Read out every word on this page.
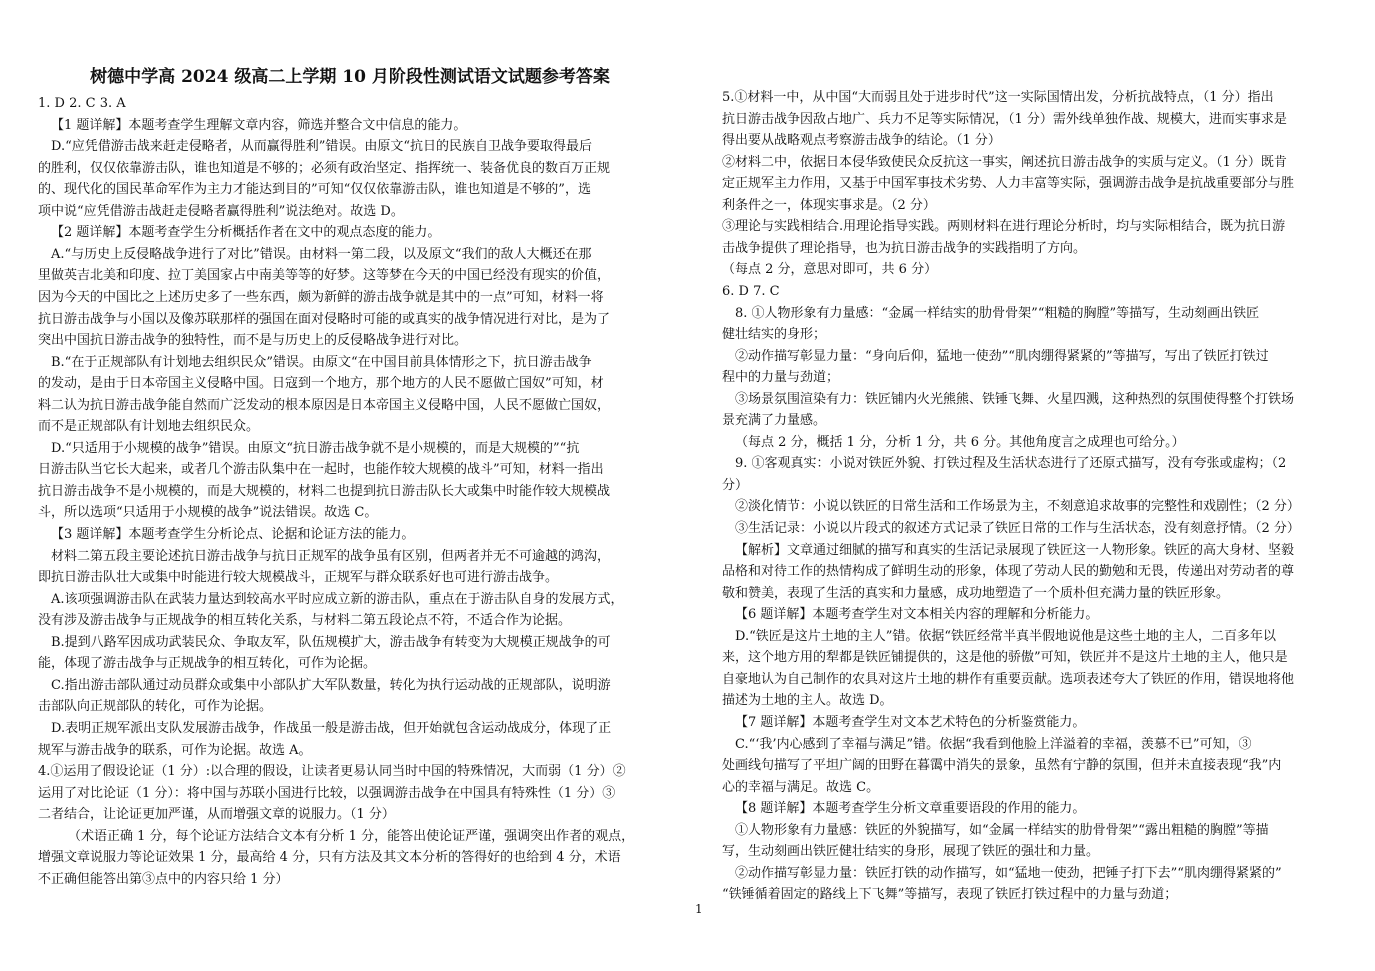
树德中学高 2024 级高二上学期 10 月阶段性测试语文试题参考答案
1. D 2. C 3. A
【1 题详解】本题考查学生理解文章内容，筛选并整合文中信息的能力。
D.“应凭借游击战来赶走侵略者，从而赢得胜利”错误。由原文“抗日的民族自卫战争要取得最后
的胜利，仅仅依靠游击队，谁也知道是不够的；必须有政治坚定、指挥统一、装备优良的数百万正规
的、现代化的国民革命军作为主力才能达到目的”可知“仅仅依靠游击队，谁也知道是不够的”，选
项中说“应凭借游击战赶走侵略者赢得胜利”说法绝对。故选 D。
【2 题详解】本题考查学生分析概括作者在文中的观点态度的能力。
A.“与历史上反侵略战争进行了对比”错误。由材料一第二段，以及原文“我们的敌人大概还在那
里做英吉北美和印度、拉丁美国家占中南美等等的好梦。这等梦在今天的中国已经没有现实的价值，
因为今天的中国比之上述历史多了一些东西，颇为新鲜的游击战争就是其中的一点”可知，材料一将
抗日游击战争与小国以及像苏联那样的强国在面对侵略时可能的或真实的战争情况进行对比，是为了
突出中国抗日游击战争的独特性，而不是与历史上的反侵略战争进行对比。
B.“在于正规部队有计划地去组织民众”错误。由原文“在中国目前具体情形之下，抗日游击战争
的发动，是由于日本帝国主义侵略中国。日寇到一个地方，那个地方的人民不愿做亡国奴”可知，材
料二认为抗日游击战争能自然而广泛发动的根本原因是日本帝国主义侵略中国，人民不愿做亡国奴，
而不是正规部队有计划地去组织民众。
D.“只适用于小规模的战争”错误。由原文“抗日游击战争就不是小规模的，而是大规模的”“抗
日游击队当它长大起来，或者几个游击队集中在一起时，也能作较大规模的战斗”可知，材料一指出
抗日游击战争不是小规模的，而是大规模的，材料二也提到抗日游击队长大或集中时能作较大规模战
斗，所以选项“只适用于小规模的战争”说法错误。故选 C。
【3 题详解】本题考查学生分析论点、论据和论证方法的能力。
材料二第五段主要论述抗日游击战争与抗日正规军的战争虽有区别，但两者并无不可逾越的鸿沟，
即抗日游击队壮大或集中时能进行较大规模战斗，正规军与群众联系好也可进行游击战争。
A.该项强调游击队在武装力量达到较高水平时应成立新的游击队，重点在于游击队自身的发展方式，
没有涉及游击战争与正规战争的相互转化关系，与材料二第五段论点不符，不适合作为论据。
B.提到八路军因成功武装民众、争取友军，队伍规模扩大，游击战争有转变为大规模正规战争的可
能，体现了游击战争与正规战争的相互转化，可作为论据。
C.指出游击部队通过动员群众或集中小部队扩大军队数量，转化为执行运动战的正规部队，说明游
击部队向正规部队的转化，可作为论据。
D.表明正规军派出支队发展游击战争，作战虽一般是游击战，但开始就包含运动战成分，体现了正
规军与游击战争的联系，可作为论据。故选 A。
4.①运用了假设论证（1 分）:以合理的假设，让读者更易认同当时中国的特殊情况，大而弱（1 分）②
运用了对比论证（1 分）：将中国与苏联小国进行比较，以强调游击战争在中国具有特殊性（1 分）③
二者结合，让论证更加严谨，从而增强文章的说服力。（1 分）
（术语正确 1 分，每个论证方法结合文本有分析 1 分，能答出使论证严谨，强调突出作者的观点，
增强文章说服力等论证效果 1 分，最高给 4 分，只有方法及其文本分析的答得好的也给到 4 分，术语
不正确但能答出第③点中的内容只给 1 分）
5.①材料一中，从中国“大而弱且处于进步时代”这一实际国情出发，分析抗战特点，（1 分）指出
抗日游击战争因敌占地广、兵力不足等实际情况，（1 分）需外线单独作战、规模大，进而实事求是
得出要从战略观点考察游击战争的结论。（1 分）
②材料二中，依据日本侵华致使民众反抗这一事实，阐述抗日游击战争的实质与定义。（1 分）既肯
定正规军主力作用，又基于中国军事技术劣势、人力丰富等实际，强调游击战争是抗战重要部分与胜
利条件之一，体现实事求是。（2 分）
③理论与实践相结合.用理论指导实践。两则材料在进行理论分析时，均与实际相结合，既为抗日游
击战争提供了理论指导，也为抗日游击战争的实践指明了方向。
（每点 2 分，意思对即可，共 6 分）
6. D 7. C
8. ①人物形象有力量感：“金属一样结实的肋骨骨架”“粗糙的胸膛”等描写，生动刻画出铁匠
健壮结实的身形；
②动作描写彰显力量：“身向后仰，猛地一使劲”“肌肉绷得紧紧的”等描写，写出了铁匠打铁过
程中的力量与劲道；
③场景氛围渲染有力：铁匠铺内火光熊熊、铁锤飞舞、火星四溅，这种热烈的氛围使得整个打铁场
景充满了力量感。
（每点 2 分，概括 1 分，分析 1 分，共 6 分。其他角度言之成理也可给分。）
9. ①客观真实：小说对铁匠外貌、打铁过程及生活状态进行了还原式描写，没有夸张或虚构；（2
分）
②淡化情节：小说以铁匠的日常生活和工作场景为主，不刻意追求故事的完整性和戏剧性；（2 分）
③生活记录：小说以片段式的叙述方式记录了铁匠日常的工作与生活状态，没有刻意抒情。（2 分）
【解析】文章通过细腻的描写和真实的生活记录展现了铁匠这一人物形象。铁匠的高大身材、坚毅
品格和对待工作的热情构成了鲜明生动的形象，体现了劳动人民的勤勉和无畏，传递出对劳动者的尊
敬和赞美，表现了生活的真实和力量感，成功地塑造了一个质朴但充满力量的铁匠形象。
【6 题详解】本题考查学生对文本相关内容的理解和分析能力。
D.“铁匠是这片土地的主人”错。依据“铁匠经常半真半假地说他是这些土地的主人，二百多年以
来，这个地方用的犁都是铁匠铺提供的，这是他的骄傲”可知，铁匠并不是这片土地的主人，他只是
自豪地认为自己制作的农具对这片土地的耕作有重要贡献。选项表述夸大了铁匠的作用，错误地将他
描述为土地的主人。故选 D。
【7 题详解】本题考查学生对文本艺术特色的分析鉴赏能力。
C.“‘我’内心感到了幸福与满足”错。依据“我看到他脸上洋溢着的幸福，羡慕不已”可知，③
处画线句描写了平坦广阔的田野在暮霭中消失的景象，虽然有宁静的氛围，但并未直接表现“我”内
心的幸福与满足。故选 C。
【8 题详解】本题考查学生分析文章重要语段的作用的能力。
①人物形象有力量感：铁匠的外貌描写，如“金属一样结实的肋骨骨架”“露出粗糙的胸膛”等描
写，生动刻画出铁匠健壮结实的身形，展现了铁匠的强壮和力量。
②动作描写彰显力量：铁匠打铁的动作描写，如“猛地一使劲，把锤子打下去”“肌肉绷得紧紧的”
“铁锤循着固定的路线上下飞舞”等描写，表现了铁匠打铁过程中的力量与劲道；
1
